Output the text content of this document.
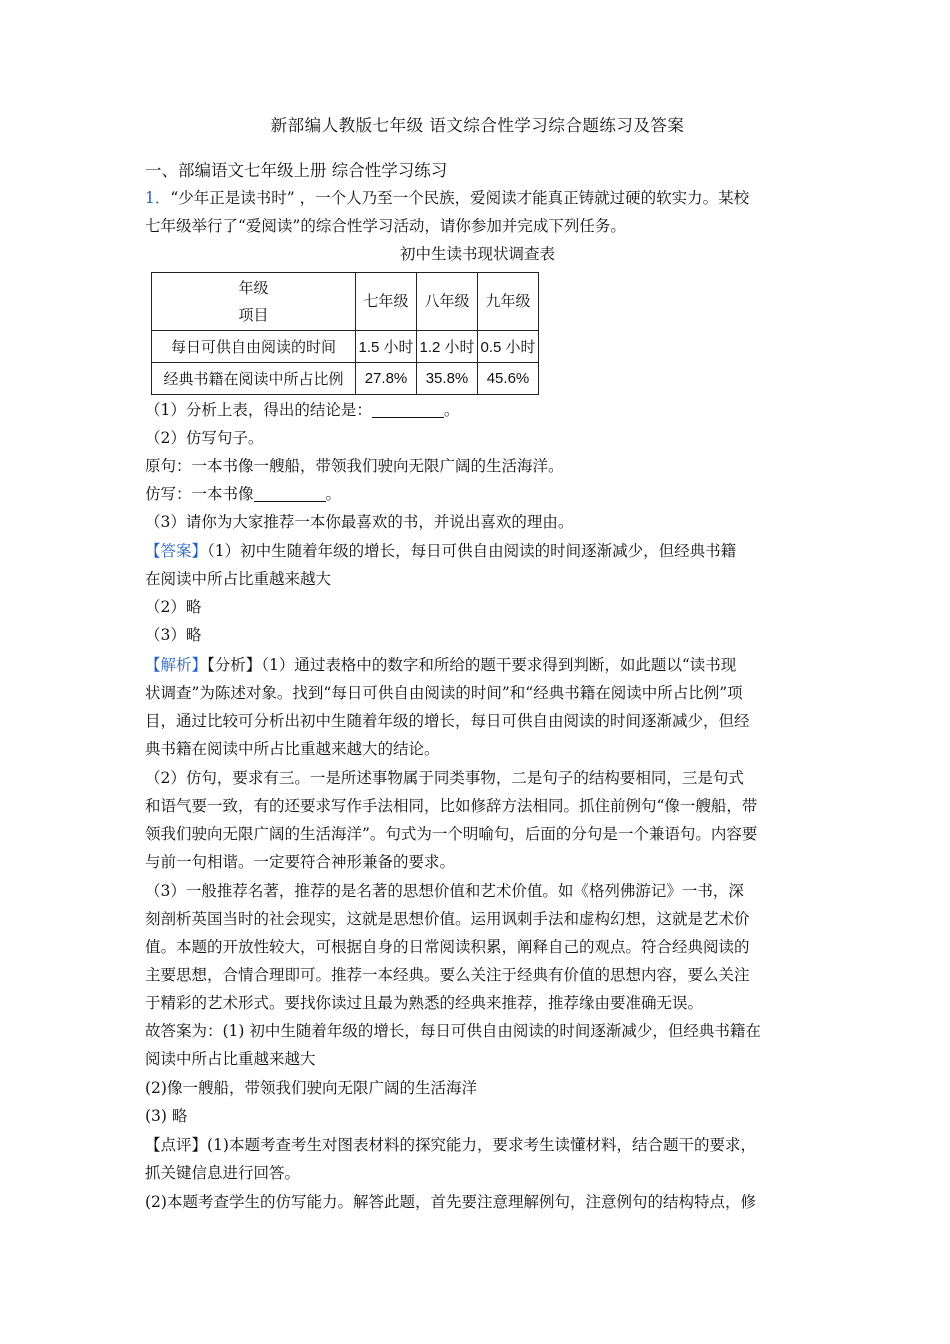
新部编人教版七年级 语文综合性学习综合题练习及答案
一、部编语文七年级上册 综合性学习练习
1．“少年正是读书时” ，一个人乃至一个民族，爱阅读才能真正铸就过硬的软实力。某校
七年级举行了“爱阅读”的综合性学习活动，请你参加并完成下列任务。
初中生读书现状调查表
年级
项目	七年级	八年级	九年级
每日可供自由阅读的时间	1.5 小时	1.2 小时	0.5 小时
经典书籍在阅读中所占比例	27.8%	35.8%	45.6%
（1）分析上表，得出的结论是：	。
（2）仿写句子。
原句：一本书像一艘船，带领我们驶向无限广阔的生活海洋。
仿写：一本书像	。
（3）请你为大家推荐一本你最喜欢的书，并说出喜欢的理由。
【答案】（1）初中生随着年级的增长，每日可供自由阅读的时间逐渐减少，但经典书籍
在阅读中所占比重越来越大
（2）略
（3）略
【解析】【分析】（1）通过表格中的数字和所给的题干要求得到判断，如此题以“读书现
状调查”为陈述对象。找到“每日可供自由阅读的时间”和“经典书籍在阅读中所占比例”项
目，通过比较可分析出初中生随着年级的增长，每日可供自由阅读的时间逐渐减少，但经
典书籍在阅读中所占比重越来越大的结论。
（2）仿句，要求有三。一是所述事物属于同类事物，二是句子的结构要相同，三是句式
和语气要一致，有的还要求写作手法相同，比如修辞方法相同。抓住前例句“像一艘船，带
领我们驶向无限广阔的生活海洋”。句式为一个明喻句，后面的分句是一个兼语句。内容要
与前一句相谐。一定要符合神形兼备的要求。
（3）一般推荐名著，推荐的是名著的思想价值和艺术价值。如《格列佛游记》一书，深
刻剖析英国当时的社会现实，这就是思想价值。运用讽刺手法和虚构幻想，这就是艺术价
值。本题的开放性较大，可根据自身的日常阅读积累，阐释自己的观点。符合经典阅读的
主要思想，合情合理即可。推荐一本经典。要么关注于经典有价值的思想内容，要么关注
于精彩的艺术形式。要找你读过且最为熟悉的经典来推荐，推荐缘由要准确无误。
故答案为：(1) 初中生随着年级的增长，每日可供自由阅读的时间逐渐减少，但经典书籍在
阅读中所占比重越来越大
(2)像一艘船，带领我们驶向无限广阔的生活海洋
(3) 略
【点评】(1)本题考查考生对图表材料的探究能力，要求考生读懂材料，结合题干的要求，
抓关键信息进行回答。
(2)本题考查学生的仿写能力。解答此题，首先要注意理解例句，注意例句的结构特点，修
